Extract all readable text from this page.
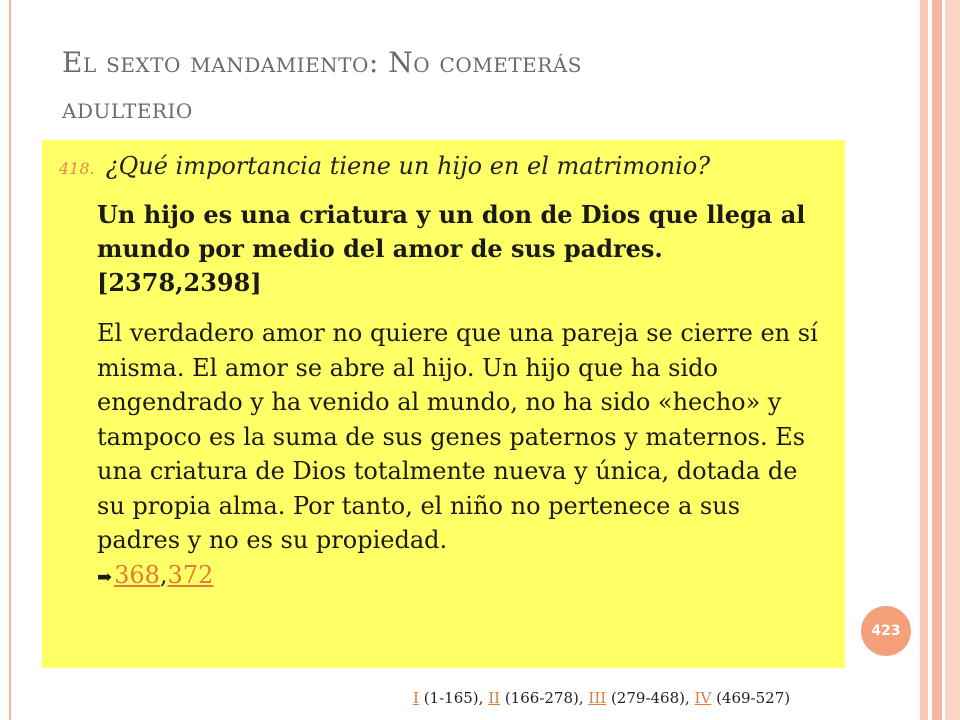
El sexto mandamiento: No cometerás
adulterio
418. ¿Qué importancia tiene un hijo en el matrimonio?
Un hijo es una criatura y un don de Dios que llega al mundo por medio del amor de sus padres. [2378,2398]
El verdadero amor no quiere que una pareja se cierre en sí misma. El amor se abre al hijo. Un hijo que ha sido engendrado y ha venido al mundo, no ha sido «hecho» y tampoco es la suma de sus genes paternos y maternos. Es una criatura de Dios totalmente nueva y única, dotada de su propia alma. Por tanto, el niño no pertenece a sus padres y no es su propiedad.
➡368,372
423
I (1-165), II (166-278), III (279-468), IV (469-527)
